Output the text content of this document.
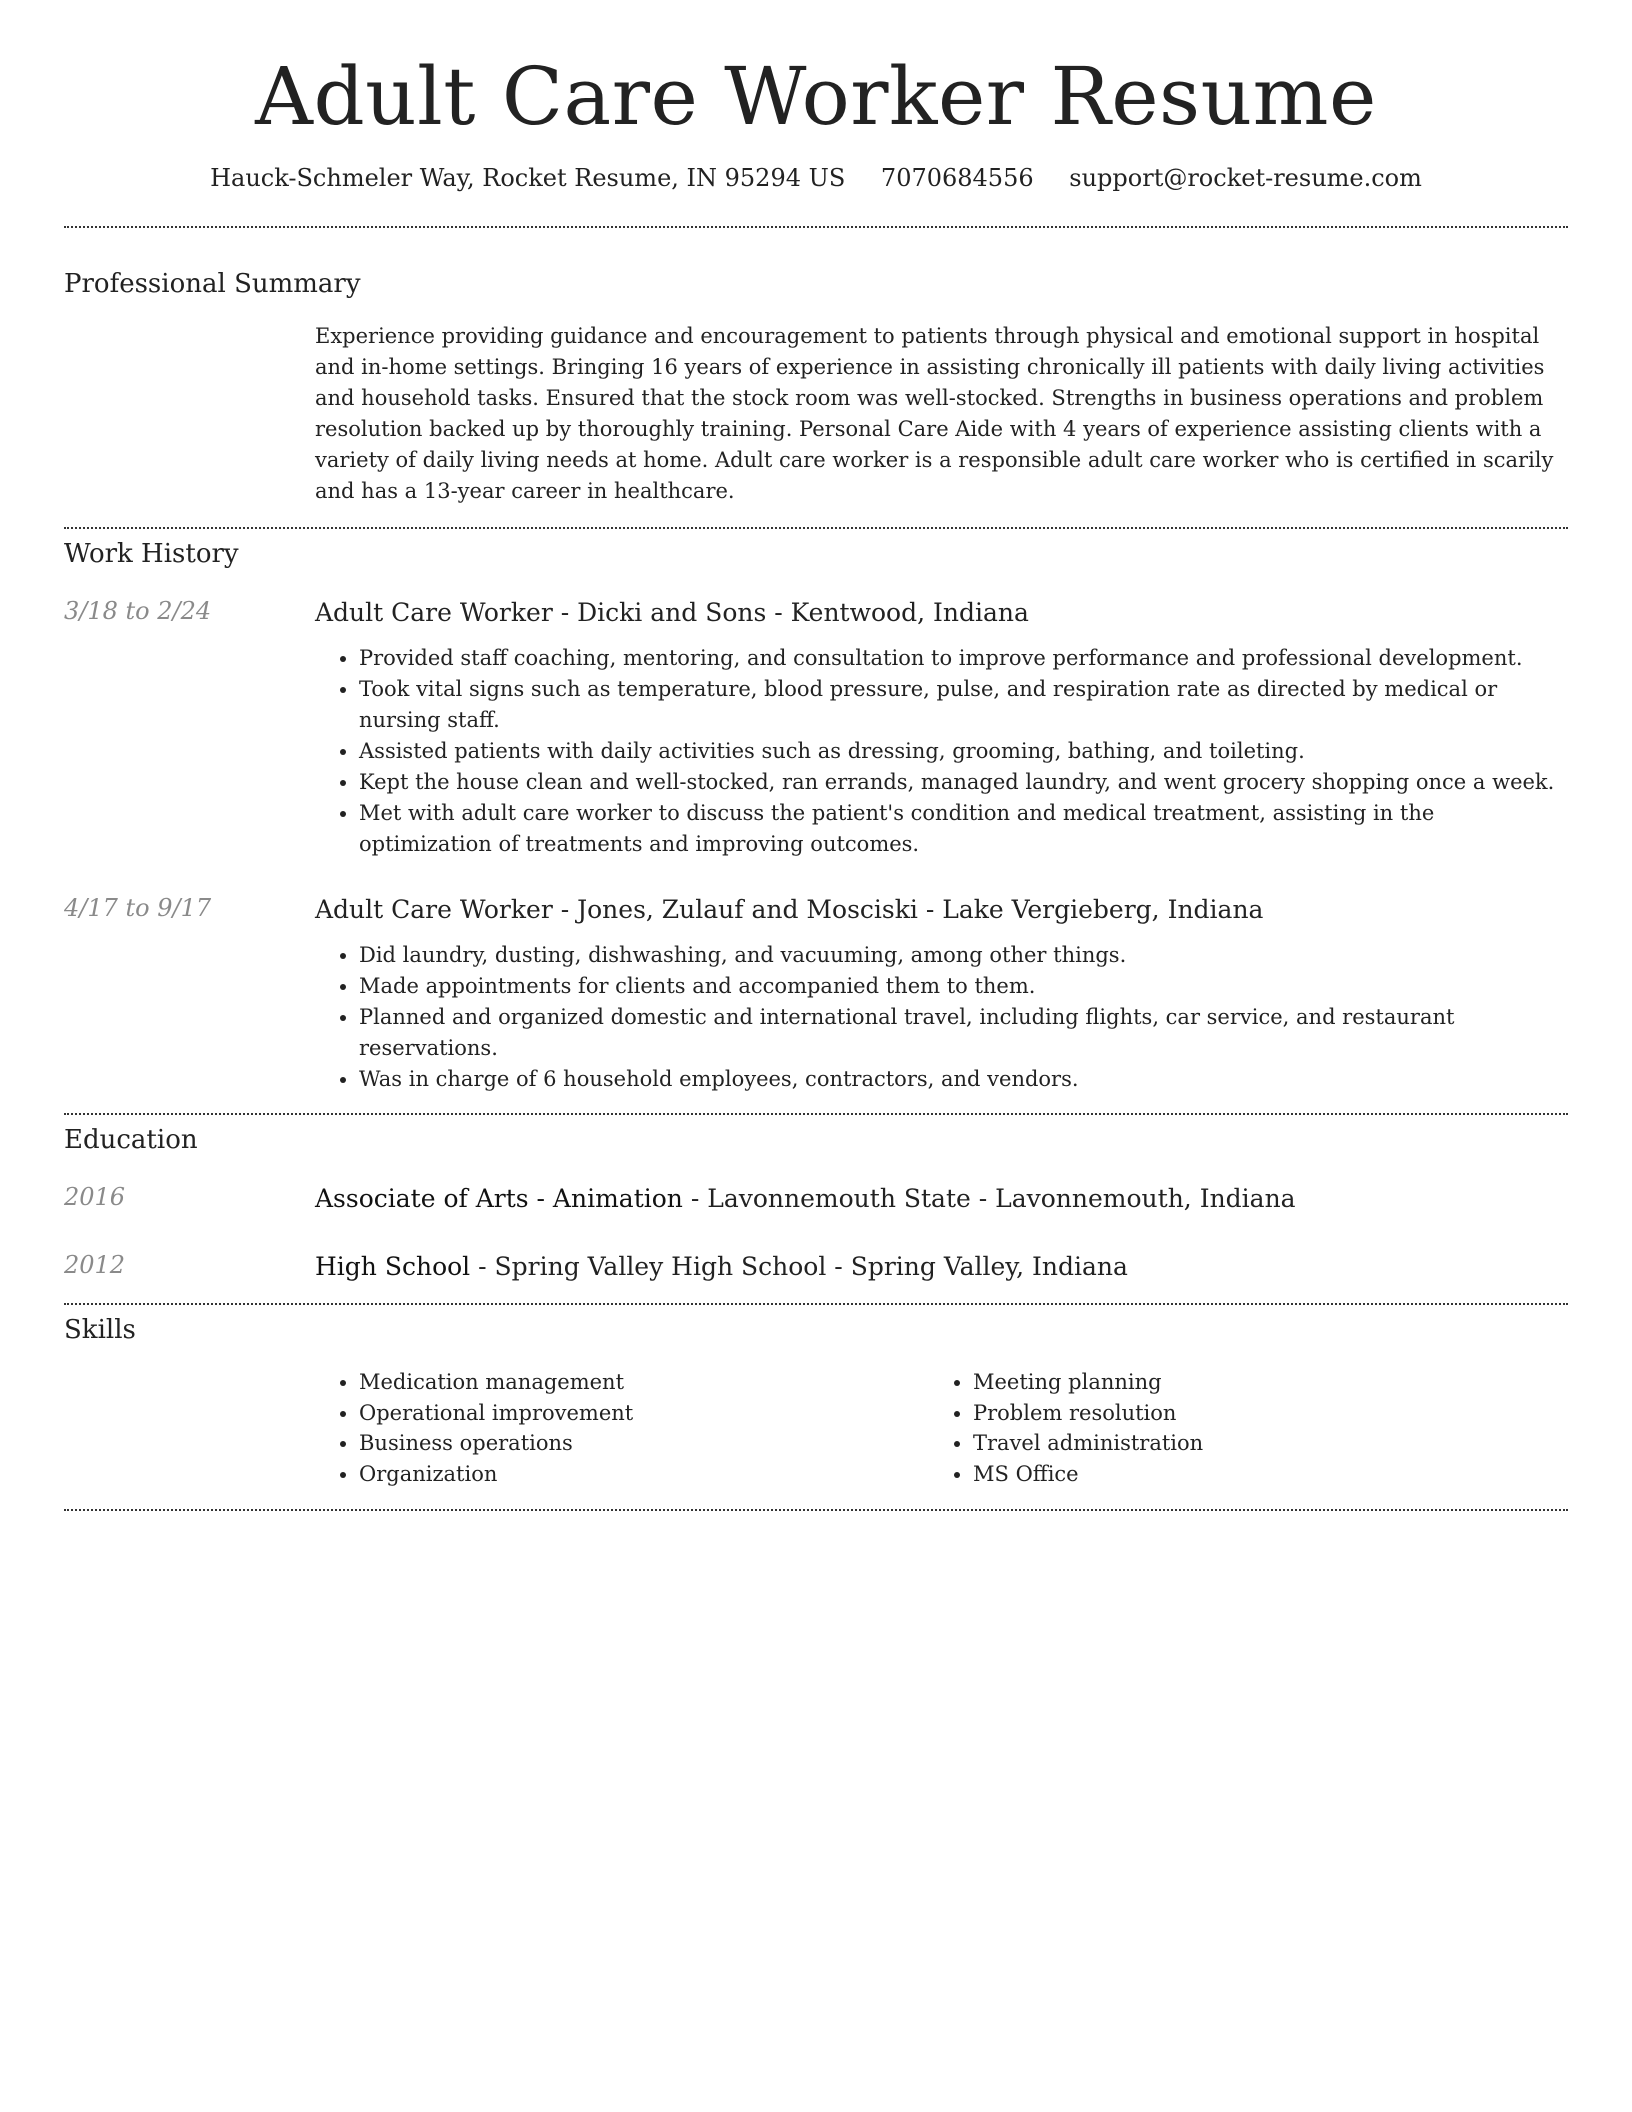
Adult Care Worker Resume
Hauck-Schmeler Way, Rocket Resume, IN 95294 US 7070684556 support@rocket-resume.com
Professional Summary

Experience providing guidance and encouragement to patients through physical and emotional support in hospital and in-home settings. Bringing 16 years of experience in assisting chronically ill patients with daily living activities and household tasks. Ensured that the stock room was well-stocked. Strengths in business operations and problem resolution backed up by thoroughly training. Personal Care Aide with 4 years of experience assisting clients with a variety of daily living needs at home. Adult care worker is a responsible adult care worker who is certified in scarily and has a 13-year career in healthcare.

Work History
3/18 to 2/24	Adult Care Worker - Dicki and Sons - Kentwood, Indiana
• Provided staff coaching, mentoring, and consultation to improve performance and professional development.
• Took vital signs such as temperature, blood pressure, pulse, and respiration rate as directed by medical or nursing staff.
• Assisted patients with daily activities such as dressing, grooming, bathing, and toileting.
• Kept the house clean and well-stocked, ran errands, managed laundry, and went grocery shopping once a week.
• Met with adult care worker to discuss the patient's condition and medical treatment, assisting in the optimization of treatments and improving outcomes.
4/17 to 9/17	Adult Care Worker - Jones, Zulauf and Mosciski - Lake Vergieberg, Indiana
• Did laundry, dusting, dishwashing, and vacuuming, among other things.
• Made appointments for clients and accompanied them to them.
• Planned and organized domestic and international travel, including flights, car service, and restaurant reservations.
• Was in charge of 6 household employees, contractors, and vendors.
Education
2016	Associate of Arts - Animation - Lavonnemouth State - Lavonnemouth, Indiana
2012	High School - Spring Valley High School - Spring Valley, Indiana
Skills
• Medication management
• Operational improvement
• Business operations
• Organization
• Meeting planning
• Problem resolution
• Travel administration
• MS Office
